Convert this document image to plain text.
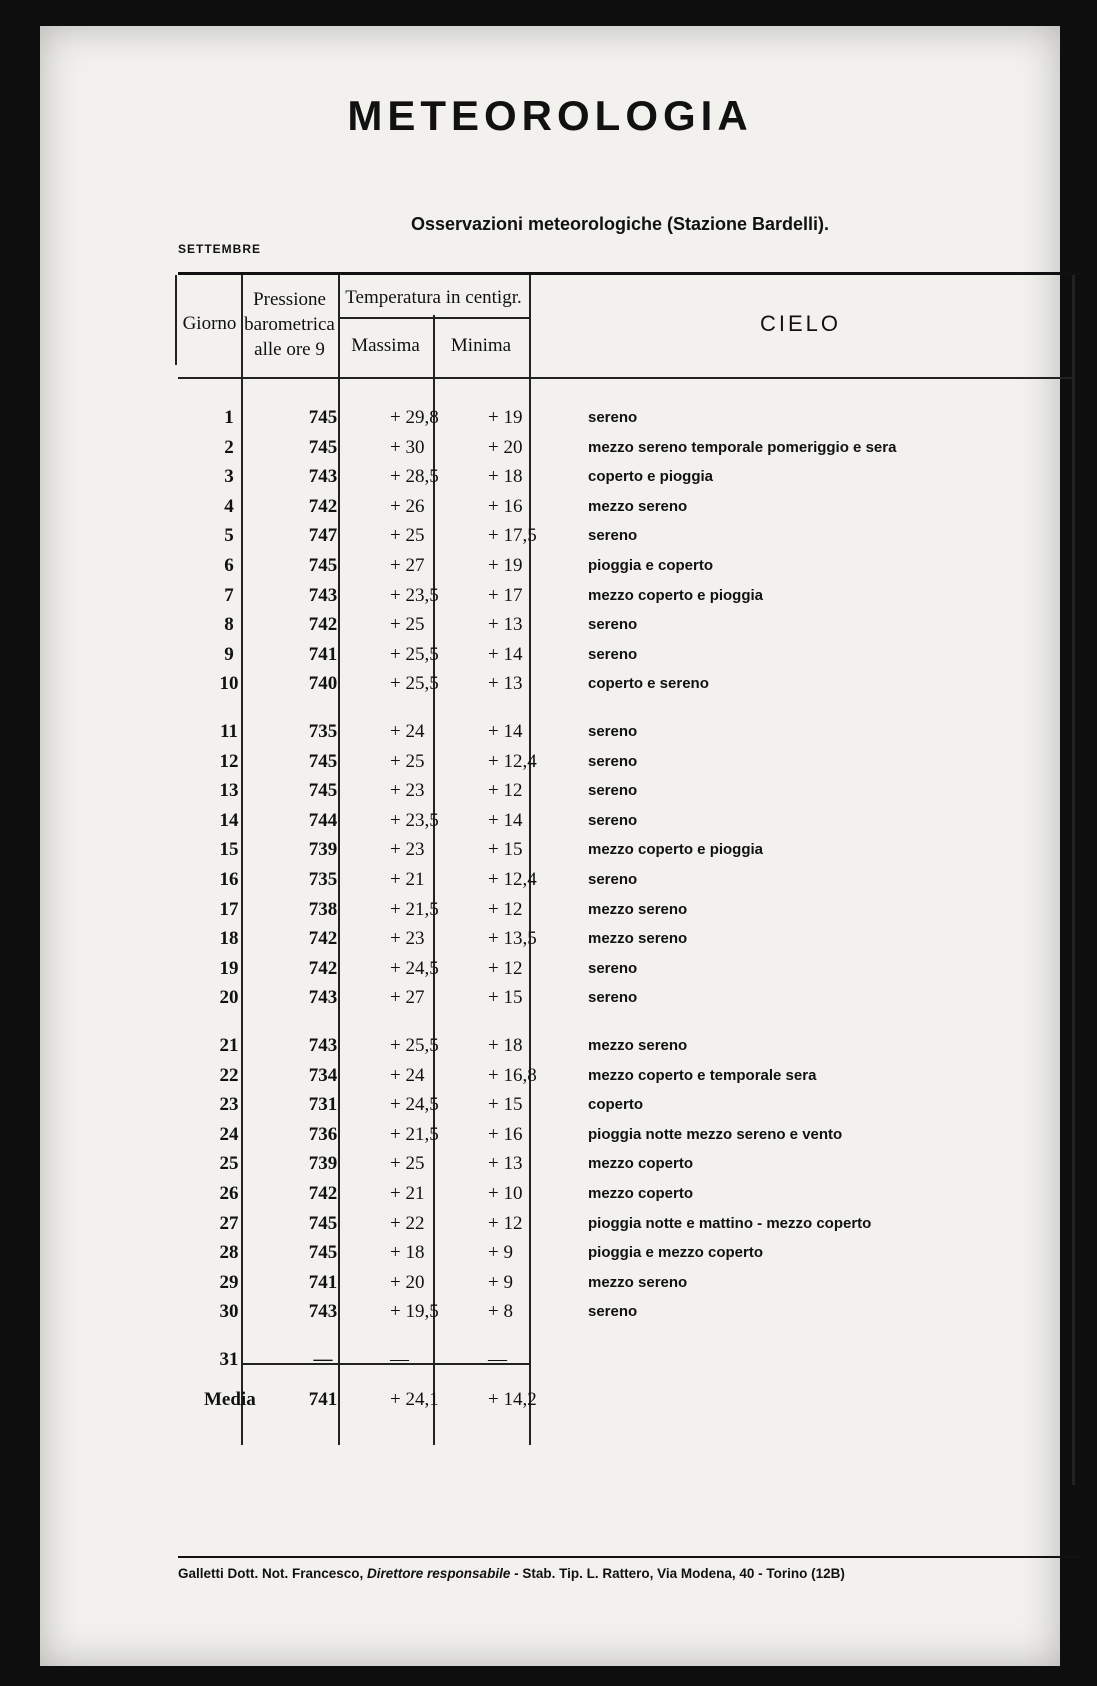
METEOROLOGIA
Osservazioni meteorologiche (Stazione Bardelli).
SETTEMBRE
Giorno
Pressione
barometrica
alle ore 9
Temperatura in centigr.
Massima	Minima
CIELO
1	745	+ 29,8	+ 19	sereno
2	745	+ 30	+ 20	mezzo sereno temporale pomeriggio e sera
3	743	+ 28,5	+ 18	coperto e pioggia
4	742	+ 26	+ 16	mezzo sereno
5	747	+ 25	+ 17,5	sereno
6	745	+ 27	+ 19	pioggia e coperto
7	743	+ 23,5	+ 17	mezzo coperto e pioggia
8	742	+ 25	+ 13	sereno
9	741	+ 25,5	+ 14	sereno
10	740	+ 25,5	+ 13	coperto e sereno
11	735	+ 24	+ 14	sereno
12	745	+ 25	+ 12,4	sereno
13	745	+ 23	+ 12	sereno
14	744	+ 23,5	+ 14	sereno
15	739	+ 23	+ 15	mezzo coperto e pioggia
16	735	+ 21	+ 12,4	sereno
17	738	+ 21,5	+ 12	mezzo sereno
18	742	+ 23	+ 13,5	mezzo sereno
19	742	+ 24,5	+ 12	sereno
20	743	+ 27	+ 15	sereno
21	743	+ 25,5	+ 18	mezzo sereno
22	734	+ 24	+ 16,8	mezzo coperto e temporale sera
23	731	+ 24,5	+ 15	coperto
24	736	+ 21,5	+ 16	pioggia notte mezzo sereno e vento
25	739	+ 25	+ 13	mezzo coperto
26	742	+ 21	+ 10	mezzo coperto
27	745	+ 22	+ 12	pioggia notte e mattino - mezzo coperto
28	745	+ 18	+ 9	pioggia e mezzo coperto
29	741	+ 20	+ 9	mezzo sereno
30	743	+ 19,5	+ 8	sereno
31	—	—	—
Media	741	+ 24,1	+ 14,2
Galletti Dott. Not. Francesco, Direttore responsabile - Stab. Tip. L. Rattero, Via Modena, 40 - Torino (12B)
